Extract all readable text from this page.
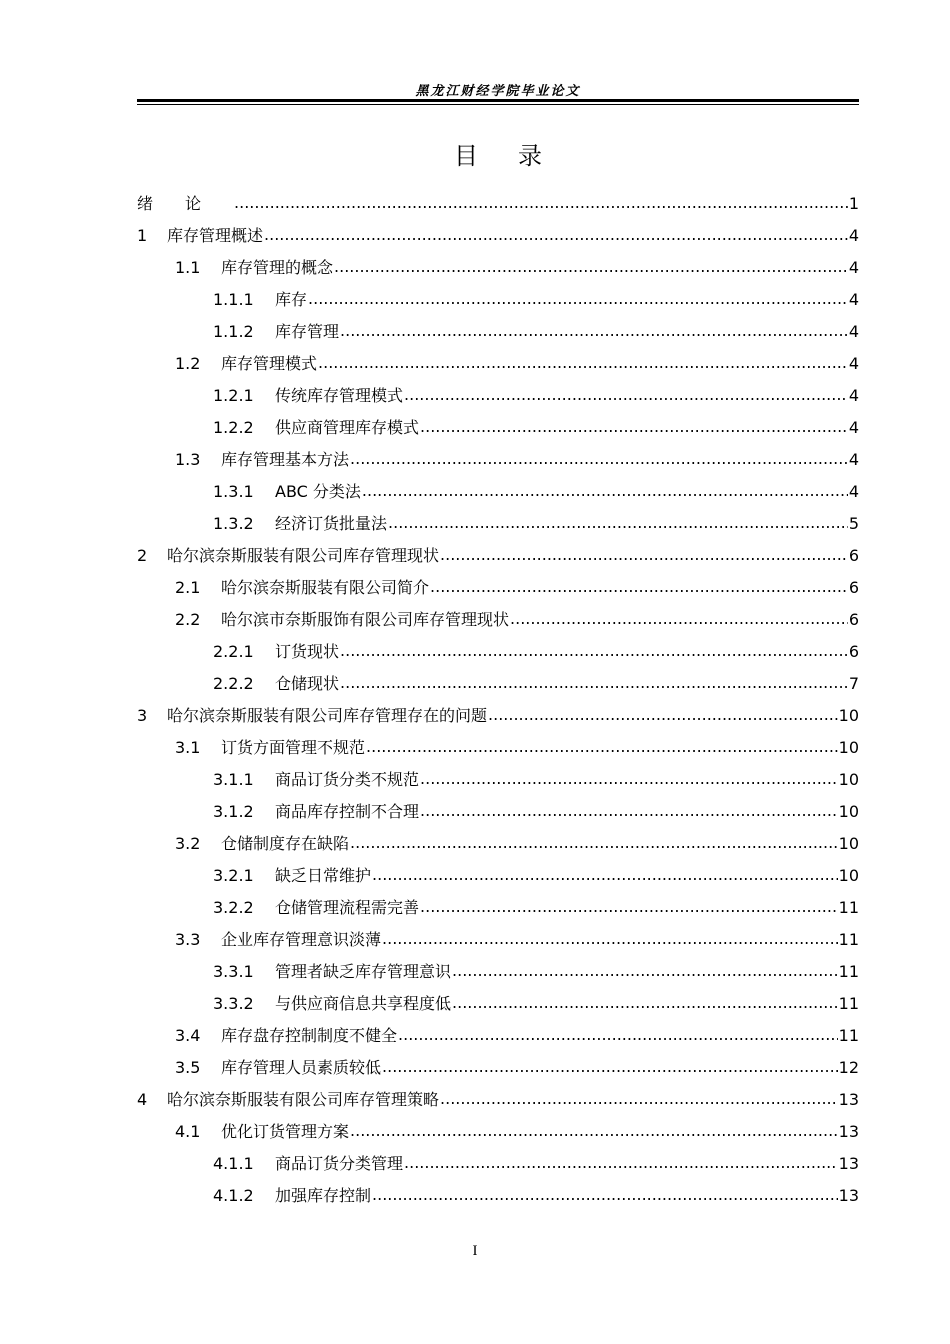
黑龙江财经学院毕业论文
目录
绪论 .....	1
1	库存管理概述 .....	4
1.1	库存管理的概念 .....	4
1.1.1	库存 .....	4
1.1.2	库存管理 .....	4
1.2	库存管理模式 .....	4
1.2.1	传统库存管理模式 .....	4
1.2.2	供应商管理库存模式 .....	4
1.3	库存管理基本方法 .....	4
1.3.1	ABC 分类法 .....	4
1.3.2	经济订货批量法 .....	5
2	哈尔滨奈斯服装有限公司库存管理现状 .....	6
2.1	哈尔滨奈斯服装有限公司简介 .....	6
2.2	哈尔滨市奈斯服饰有限公司库存管理现状 .....	6
2.2.1	订货现状 .....	6
2.2.2	仓储现状 .....	7
3	哈尔滨奈斯服装有限公司库存管理存在的问题 .....	10
3.1	订货方面管理不规范 .....	10
3.1.1	商品订货分类不规范 .....	10
3.1.2	商品库存控制不合理 .....	10
3.2	仓储制度存在缺陷 .....	10
3.2.1	缺乏日常维护 .....	10
3.2.2	仓储管理流程需完善 .....	11
3.3	企业库存管理意识淡薄 .....	11
3.3.1	管理者缺乏库存管理意识 .....	11
3.3.2	与供应商信息共享程度低 .....	11
3.4	库存盘存控制制度不健全 .....	11
3.5	库存管理人员素质较低 .....	12
4	哈尔滨奈斯服装有限公司库存管理策略 .....	13
4.1	优化订货管理方案 .....	13
4.1.1	商品订货分类管理 .....	13
4.1.2	加强库存控制 .....	13
I
